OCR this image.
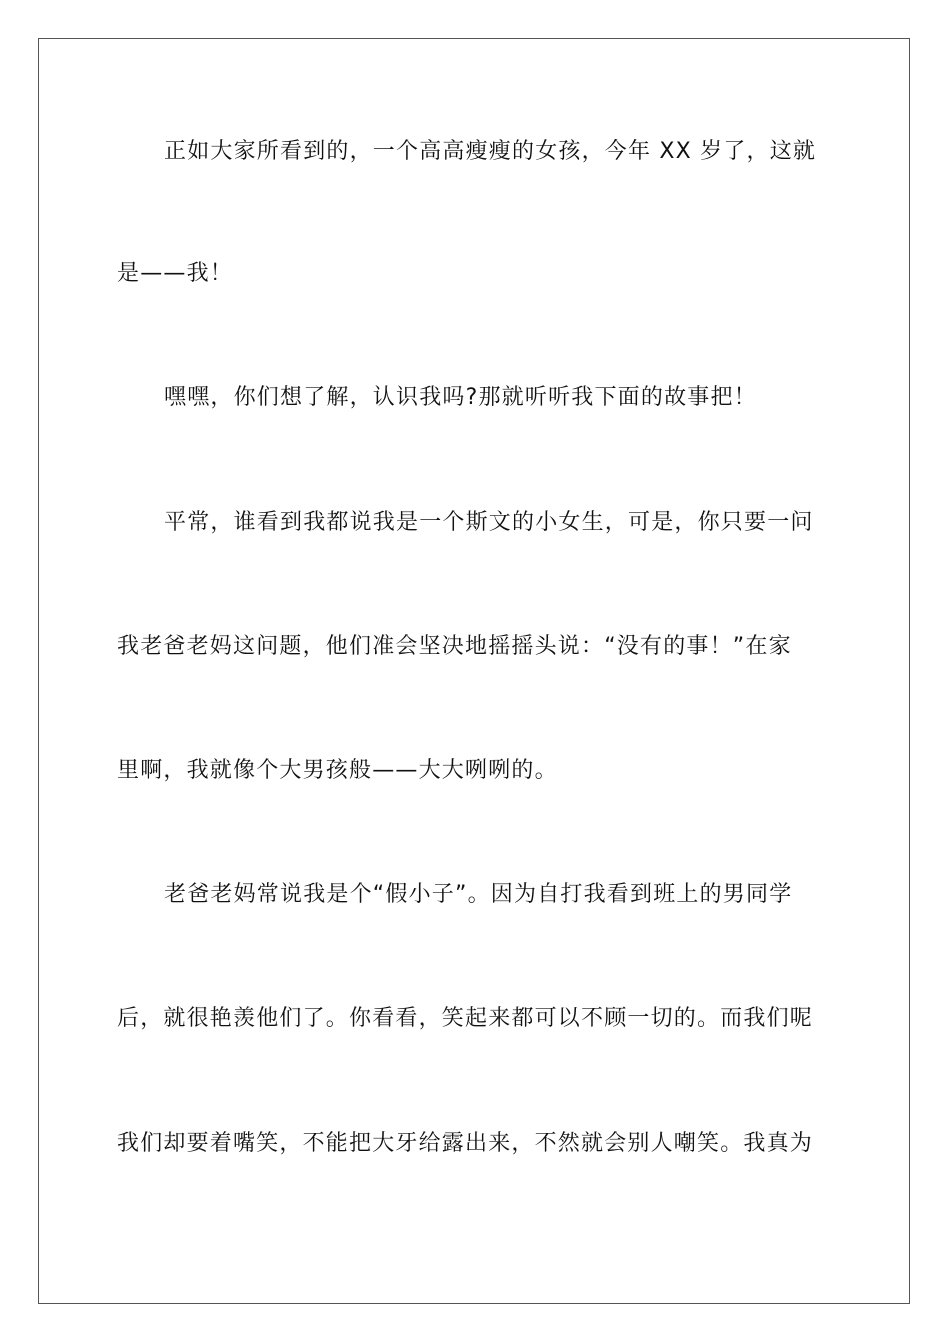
正如大家所看到的，一个高高瘦瘦的女孩，今年 XX 岁了，这就
是——我！
嘿嘿，你们想了解，认识我吗?那就听听我下面的故事把！
平常，谁看到我都说我是一个斯文的小女生，可是，你只要一问
我老爸老妈这问题，他们准会坚决地摇摇头说：“没有的事！”在家
里啊，我就像个大男孩般——大大咧咧的。
老爸老妈常说我是个“假小子”。因为自打我看到班上的男同学
后，就很艳羡他们了。你看看，笑起来都可以不顾一切的。而我们呢
我们却要着嘴笑，不能把大牙给露出来，不然就会别人嘲笑。我真为
